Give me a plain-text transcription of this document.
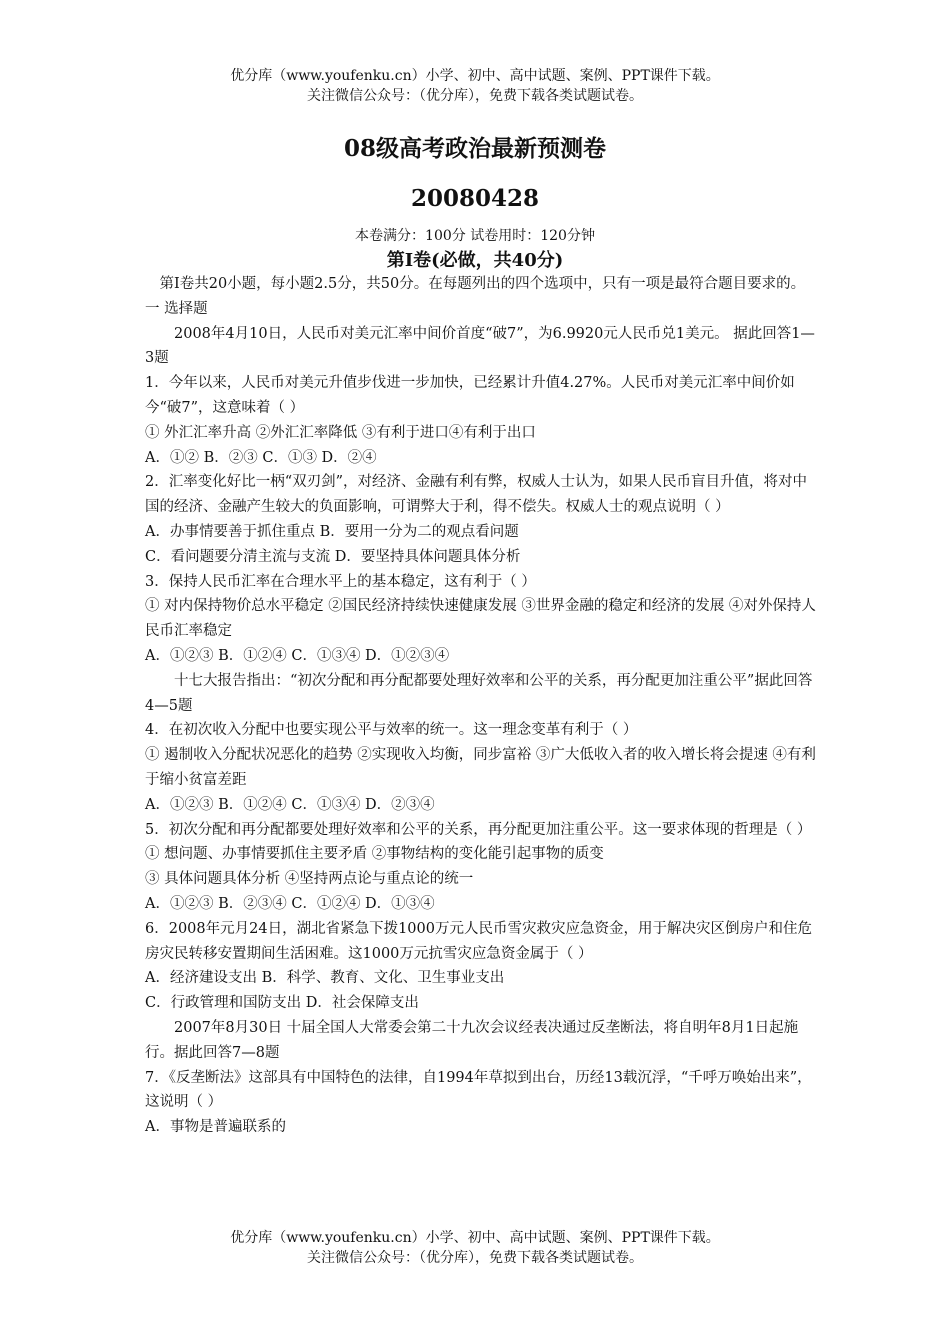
优分库（www.youfenku.cn）小学、初中、高中试题、案例、PPT课件下载。
关注微信公众号：（优分库），免费下载各类试题试卷。
08级高考政治最新预测卷
20080428
本卷满分：100分 试卷用时：120分钟
第Ⅰ卷(必做，共40分)

第Ⅰ卷共20小题，每小题2.5分，共50分。在每题列出的四个选项中，只有一项是最符合题目要求的。

一 选择题

2008年4月10日，人民币对美元汇率中间价首度“破7”，为6.9920元人民币兑1美元。 据此回答1—3题

1．今年以来，人民币对美元升值步伐进一步加快，已经累计升值4.27%。人民币对美元汇率中间价如今“破7”，这意味着（ ）

① 外汇汇率升高 ②外汇汇率降低 ③有利于进口④有利于出口

A．①② B．②③ C．①③ D．②④

2．汇率变化好比一柄“双刃剑”，对经济、金融有利有弊，权威人士认为，如果人民币盲目升值，将对中国的经济、金融产生较大的负面影响，可谓弊大于利，得不偿失。权威人士的观点说明（ ）

A．办事情要善于抓住重点 B．要用一分为二的观点看问题

C．看问题要分清主流与支流 D．要坚持具体问题具体分析

3．保持人民币汇率在合理水平上的基本稳定，这有利于（ ）

① 对内保持物价总水平稳定 ②国民经济持续快速健康发展 ③世界金融的稳定和经济的发展 ④对外保持人民币汇率稳定

A．①②③ B．①②④ C．①③④ D．①②③④

十七大报告指出：“初次分配和再分配都要处理好效率和公平的关系，再分配更加注重公平”据此回答4—5题

4．在初次收入分配中也要实现公平与效率的统一。这一理念变革有利于（ ）

① 遏制收入分配状况恶化的趋势 ②实现收入均衡，同步富裕 ③广大低收入者的收入增长将会提速 ④有利于缩小贫富差距

A．①②③ B．①②④ C．①③④ D．②③④

5．初次分配和再分配都要处理好效率和公平的关系，再分配更加注重公平。这一要求体现的哲理是（ ）

① 想问题、办事情要抓住主要矛盾 ②事物结构的变化能引起事物的质变

③ 具体问题具体分析 ④坚持两点论与重点论的统一

A．①②③ B．②③④ C．①②④ D．①③④

6．2008年元月24日，湖北省紧急下拨1000万元人民币雪灾救灾应急资金，用于解决灾区倒房户和住危房灾民转移安置期间生活困难。这1000万元抗雪灾应急资金属于（ ）

A．经济建设支出 B．科学、教育、文化、卫生事业支出

C．行政管理和国防支出 D．社会保障支出

2007年8月30日 十届全国人大常委会第二十九次会议经表决通过反垄断法，将自明年8月1日起施行。据此回答7—8题

7．《反垄断法》这部具有中国特色的法律，自1994年草拟到出台，历经13载沉浮，“千呼万唤始出来”，这说明（ ）

A．事物是普遍联系的

优分库（www.youfenku.cn）小学、初中、高中试题、案例、PPT课件下载。
关注微信公众号：（优分库），免费下载各类试题试卷。
